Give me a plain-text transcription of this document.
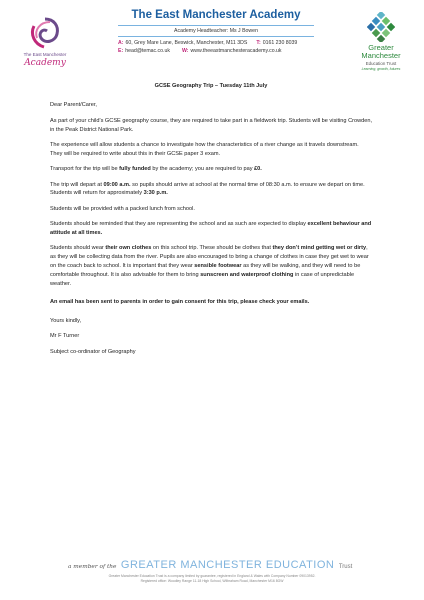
The East Manchester
Academy
The East Manchester Academy
Academy Headteacher: Ms J Bowen
A: 60, Grey Mare Lane, Beswick, Manchester, M11 3DS T: 0161 230 8039
E: head@temac.co.uk W: www.theeastmanchesteracademy.co.uk	Greater
Manchester
Education Trust
Learning, growth, futures

GCSE Geography Trip – Tuesday 11th July

Dear Parent/Carer,

As part of your child’s GCSE geography course, they are required to take part in a fieldwork trip. Students will be visiting Crowden, in the Peak District National Park.

The experience will allow students a chance to investigate how the characteristics of a river change as it travels downstream. They will be required to write about this in their GCSE paper 3 exam.

Transport for the trip will be fully funded by the academy; you are required to pay £0.

The trip will depart at 09:00 a.m. so pupils should arrive at school at the normal time of 08:30 a.m. to ensure we depart on time. Students will return for approximately 3:30 p.m.

Students will be provided with a packed lunch from school.

Students should be reminded that they are representing the school and as such are expected to display excellent behaviour and attitude at all times.

Students should wear their own clothes on this school trip. These should be clothes that they don’t mind getting wet or dirty, as they will be collecting data from the river. Pupils are also encouraged to bring a change of clothes in case they get wet to wear on the coach back to school. It is important that they wear sensible footwear as they will be walking, and they will need to be comfortable throughout. It is also advisable for them to bring sunscreen and waterproof clothing in case of unpredictable weather.

An email has been sent to parents in order to gain consent for this trip, please check your emails.

Yours kindly,

Mr F Turner

Subject co-ordinator of Geography

a member of the GREATER MANCHESTER EDUCATION Trust
Greater Manchester Education Trust is a company limited by guarantee, registered in England & Wales with Company Number 09013952.
Registered office: Woodley Range 11-18 High School, Wilbraham Road, Manchester M16 8GW
